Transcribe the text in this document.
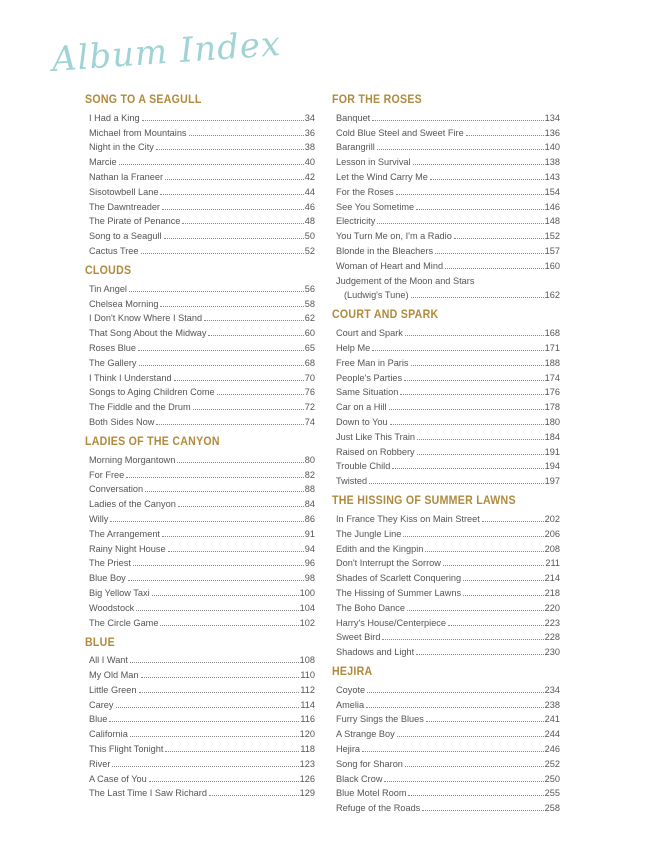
Album Index
SONG TO A SEAGULL
I Had a King	34
Michael from Mountains	36
Night in the City	38
Marcie	40
Nathan la Franeer	42
Sisotowbell Lane	44
The Dawntreader	46
The Pirate of Penance	48
Song to a Seagull	50
Cactus Tree	52
CLOUDS
Tin Angel	56
Chelsea Morning	58
I Don't Know Where I Stand	62
That Song About the Midway	60
Roses Blue	65
The Gallery	68
I Think I Understand	70
Songs to Aging Children Come	76
The Fiddle and the Drum	72
Both Sides Now	74
LADIES OF THE CANYON
Morning Morgantown	80
For Free	82
Conversation	88
Ladies of the Canyon	84
Willy	86
The Arrangement	91
Rainy Night House	94
The Priest	96
Blue Boy	98
Big Yellow Taxi	100
Woodstock	104
The Circle Game	102
BLUE
All I Want	108
My Old Man	110
Little Green	112
Carey	114
Blue	116
California	120
This Flight Tonight	118
River	123
A Case of You	126
The Last Time I Saw Richard	129
FOR THE ROSES
Banquet	134
Cold Blue Steel and Sweet Fire	136
Barangrill	140
Lesson in Survival	138
Let the Wind Carry Me	143
For the Roses	154
See You Sometime	146
Electricity	148
You Turn Me on, I'm a Radio	152
Blonde in the Bleachers	157
Woman of Heart and Mind	160
Judgement of the Moon and Stars
(Ludwig's Tune)	162
COURT AND SPARK
Court and Spark	168
Help Me	171
Free Man in Paris	188
People's Parties	174
Same Situation	176
Car on a Hill	178
Down to You	180
Just Like This Train	184
Raised on Robbery	191
Trouble Child	194
Twisted	197
THE HISSING OF SUMMER LAWNS
In France They Kiss on Main Street	202
The Jungle Line	206
Edith and the Kingpin	208
Don't Interrupt the Sorrow	211
Shades of Scarlett Conquering	214
The Hissing of Summer Lawns	218
The Boho Dance	220
Harry's House/Centerpiece	223
Sweet Bird	228
Shadows and Light	230
HEJIRA
Coyote	234
Amelia	238
Furry Sings the Blues	241
A Strange Boy	244
Hejira	246
Song for Sharon	252
Black Crow	250
Blue Motel Room	255
Refuge of the Roads	258
